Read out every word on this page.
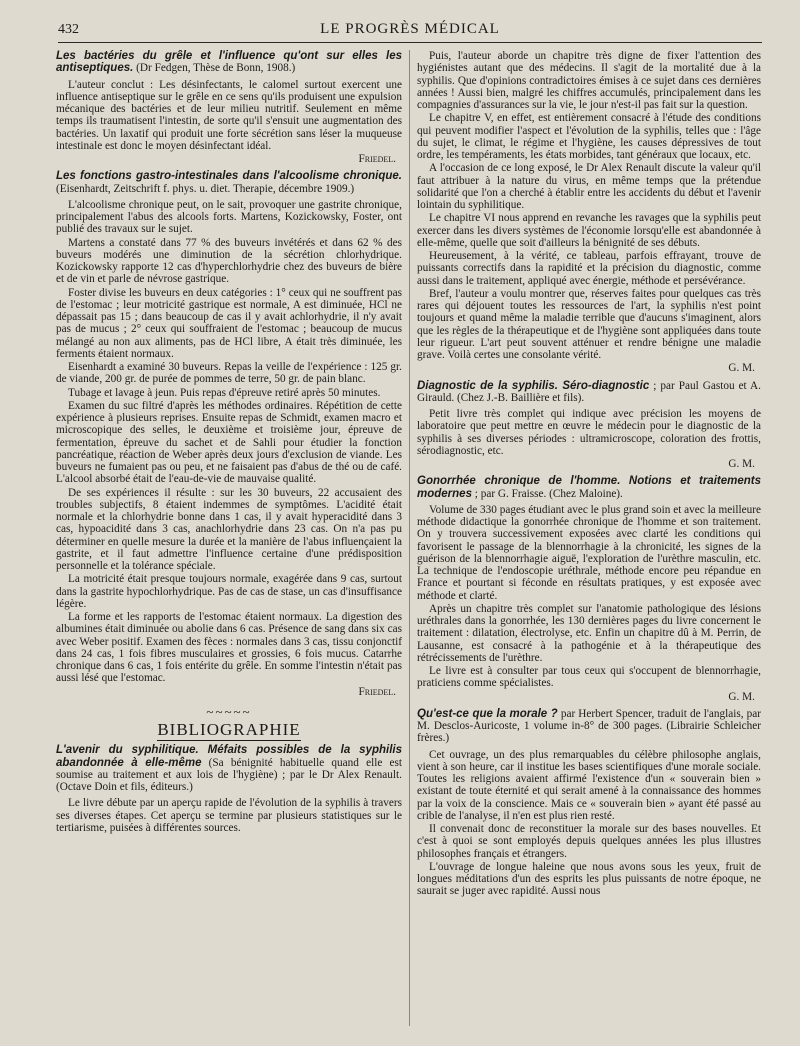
432	LE PROGRÈS MÉDICAL

Les bactéries du grêle et l'influence qu'ont sur elles les antiseptiques. (Dr Fedgen, Thèse de Bonn, 1908.)

L'auteur conclut : Les désinfectants, le calomel surtout exercent une influence antiseptique sur le grêle en ce sens qu'ils produisent une expulsion mécanique des bactéries et de leur milieu nutritif. Seulement en même temps ils traumatisent l'intestin, de sorte qu'il s'ensuit une augmentation des bactéries. Un laxatif qui produit une forte sécrétion sans léser la muqueuse intestinale est donc le moyen désinfectant idéal.

Friedel.

Les fonctions gastro-intestinales dans l'alcoolisme chronique. (Eisenhardt, Zeitschrift f. phys. u. diet. Therapie, décembre 1909.)

L'alcoolisme chronique peut, on le sait, provoquer une gastrite chronique, principalement l'abus des alcools forts. Martens, Kozickowsky, Foster, ont publié des travaux sur le sujet.

Martens a constaté dans 77 % des buveurs invétérés et dans 62 % des buveurs modérés une diminution de la sécrétion chlorhydrique. Kozickowsky rapporte 12 cas d'hyperchlorhydrie chez des buveurs de bière et de vin et parle de névrose gastrique.

Foster divise les buveurs en deux catégories : 1° ceux qui ne souffrent pas de l'estomac ; leur motricité gastrique est normale, A est diminuée, HCl ne dépassait pas 15 ; dans beaucoup de cas il y avait achlorhydrie, il n'y avait pas de mucus ; 2° ceux qui souffraient de l'estomac ; beaucoup de mucus mélangé au non aux aliments, pas de HCl libre, A était très diminuée, les ferments étaient normaux.

Eisenhardt a examiné 30 buveurs. Repas la veille de l'expérience : 125 gr. de viande, 200 gr. de purée de pommes de terre, 50 gr. de pain blanc.

Tubage et lavage à jeun. Puis repas d'épreuve retiré après 50 minutes.

Examen du suc filtré d'après les méthodes ordinaires. Répétition de cette expérience à plusieurs reprises. Ensuite repas de Schmidt, examen macro et microscopique des selles, le deuxième et troisième jour, épreuve de fermentation, épreuve du sachet et de Sahli pour étudier la fonction pancréatique, réaction de Weber après deux jours d'exclusion de viande. Les buveurs ne fumaient pas ou peu, et ne faisaient pas d'abus de thé ou de café. L'alcool absorbé était de l'eau-de-vie de mauvaise qualité.

De ses expériences il résulte : sur les 30 buveurs, 22 accusaient des troubles subjectifs, 8 étaient indemmes de symptômes. L'acidité était normale et la chlorhydrie bonne dans 1 cas, il y avait hyperacidité dans 3 cas, hypoacidité dans 3 cas, anachlorhydrie dans 23 cas. On n'a pas pu déterminer en quelle mesure la durée et la manière de l'abus influençaient la gastrite, et il faut admettre l'influence certaine d'une prédisposition personnelle et la tolérance spéciale.

La motricité était presque toujours normale, exagérée dans 9 cas, surtout dans la gastrite hypochlorhydrique. Pas de cas de stase, un cas d'insuffisance légère.

La forme et les rapports de l'estomac étaient normaux. La digestion des albumines était diminuée ou abolie dans 6 cas. Présence de sang dans six cas avec Weber positif. Examen des fèces : normales dans 3 cas, tissu conjonctif dans 24 cas, 1 fois fibres musculaires et grossies, 6 fois mucus. Catarrhe chronique dans 6 cas, 1 fois entérite du grêle. En somme l'intestin n'était pas aussi lésé que l'estomac.

Friedel.

~~~~~
BIBLIOGRAPHIE

L'avenir du syphilitique. Méfaits possibles de la syphilis abandonnée à elle-même (Sa bénignité habituelle quand elle est soumise au traitement et aux lois de l'hygiène) ; par le Dr Alex Renault. (Octave Doin et fils, éditeurs.)

Le livre débute par un aperçu rapide de l'évolution de la syphilis à travers ses diverses étapes. Cet aperçu se termine par plusieurs statistiques sur le tertiarisme, puisées à différentes sources.

Puis, l'auteur aborde un chapitre très digne de fixer l'attention des hygiénistes autant que des médecins. Il s'agit de la mortalité due à la syphilis. Que d'opinions contradictoires émises à ce sujet dans ces dernières années ! Aussi bien, malgré les chiffres accumulés, principalement dans les compagnies d'assurances sur la vie, le jour n'est-il pas fait sur la question.

Le chapitre V, en effet, est entièrement consacré à l'étude des conditions qui peuvent modifier l'aspect et l'évolution de la syphilis, telles que : l'âge du sujet, le climat, le régime et l'hygiène, les causes dépressives de tout ordre, les tempéraments, les états morbides, tant généraux que locaux, etc.

A l'occasion de ce long exposé, le Dr Alex Renault discute la valeur qu'il faut attribuer à la nature du virus, en même temps que la prétendue solidarité que l'on a cherché à établir entre les accidents du début et l'avenir lointain du syphilitique.

Le chapitre VI nous apprend en revanche les ravages que la syphilis peut exercer dans les divers systèmes de l'économie lorsqu'elle est abandonnée à elle-même, quelle que soit d'ailleurs la bénignité de ses débuts.

Heureusement, à la vérité, ce tableau, parfois effrayant, trouve de puissants correctifs dans la rapidité et la précision du diagnostic, comme aussi dans le traitement, appliqué avec énergie, méthode et persévérance.

Bref, l'auteur a voulu montrer que, réserves faites pour quelques cas très rares qui déjouent toutes les ressources de l'art, la syphilis n'est point toujours et quand même la maladie terrible que d'aucuns s'imaginent, alors que les règles de la thérapeutique et de l'hygiène sont appliquées dans toute leur rigueur. L'art peut souvent atténuer et rendre bénigne une maladie grave. Voilà certes une consolante vérité.

G. M.

Diagnostic de la syphilis. Séro-diagnostic ; par Paul Gastou et A. Girauld. (Chez J.-B. Baillière et fils).

Petit livre très complet qui indique avec précision les moyens de laboratoire que peut mettre en œuvre le médecin pour le diagnostic de la syphilis à ses diverses périodes : ultramicroscope, coloration des frottis, sérodiagnostic, etc.

G. M.

Gonorrhée chronique de l'homme. Notions et traitements modernes ; par G. Fraisse. (Chez Maloine).

Volume de 330 pages étudiant avec le plus grand soin et avec la meilleure méthode didactique la gonorrhée chronique de l'homme et son traitement. On y trouvera successivement exposées avec clarté les conditions qui favorisent le passage de la blennorrhagie à la chronicité, les signes de la guérison de la blennorrhagie aiguë, l'exploration de l'urèthre masculin, etc. La technique de l'endoscopie uréthrale, méthode encore peu répandue en France et pourtant si féconde en résultats pratiques, y est exposée avec méthode et clarté.

Après un chapitre très complet sur l'anatomie pathologique des lésions uréthrales dans la gonorrhée, les 130 dernières pages du livre concernent le traitement : dilatation, électrolyse, etc. Enfin un chapitre dû à M. Perrin, de Lausanne, est consacré à la pathogénie et à la thérapeutique des rétrécissements de l'urèthre.

Le livre est à consulter par tous ceux qui s'occupent de blennorrhagie, praticiens comme spécialistes.

G. M.

Qu'est-ce que la morale ? par Herbert Spencer, traduit de l'anglais, par M. Desclos-Auricoste, 1 volume in-8° de 300 pages. (Librairie Schleicher frères.)

Cet ouvrage, un des plus remarquables du célèbre philosophe anglais, vient à son heure, car il institue les bases scientifiques d'une morale sociale. Toutes les religions avaient affirmé l'existence d'un « souverain bien » existant de toute éternité et qui serait amené à la connaissance des hommes par la voix de la conscience. Mais ce « souverain bien » ayant été passé au crible de l'analyse, il n'en est plus rien resté.

Il convenait donc de reconstituer la morale sur des bases nouvelles. Et c'est à quoi se sont employés depuis quelques années les plus illustres philosophes français et étrangers.

L'ouvrage de longue haleine que nous avons sous les yeux, fruit de longues méditations d'un des esprits les plus puissants de notre époque, ne saurait se juger avec rapidité. Aussi nous
